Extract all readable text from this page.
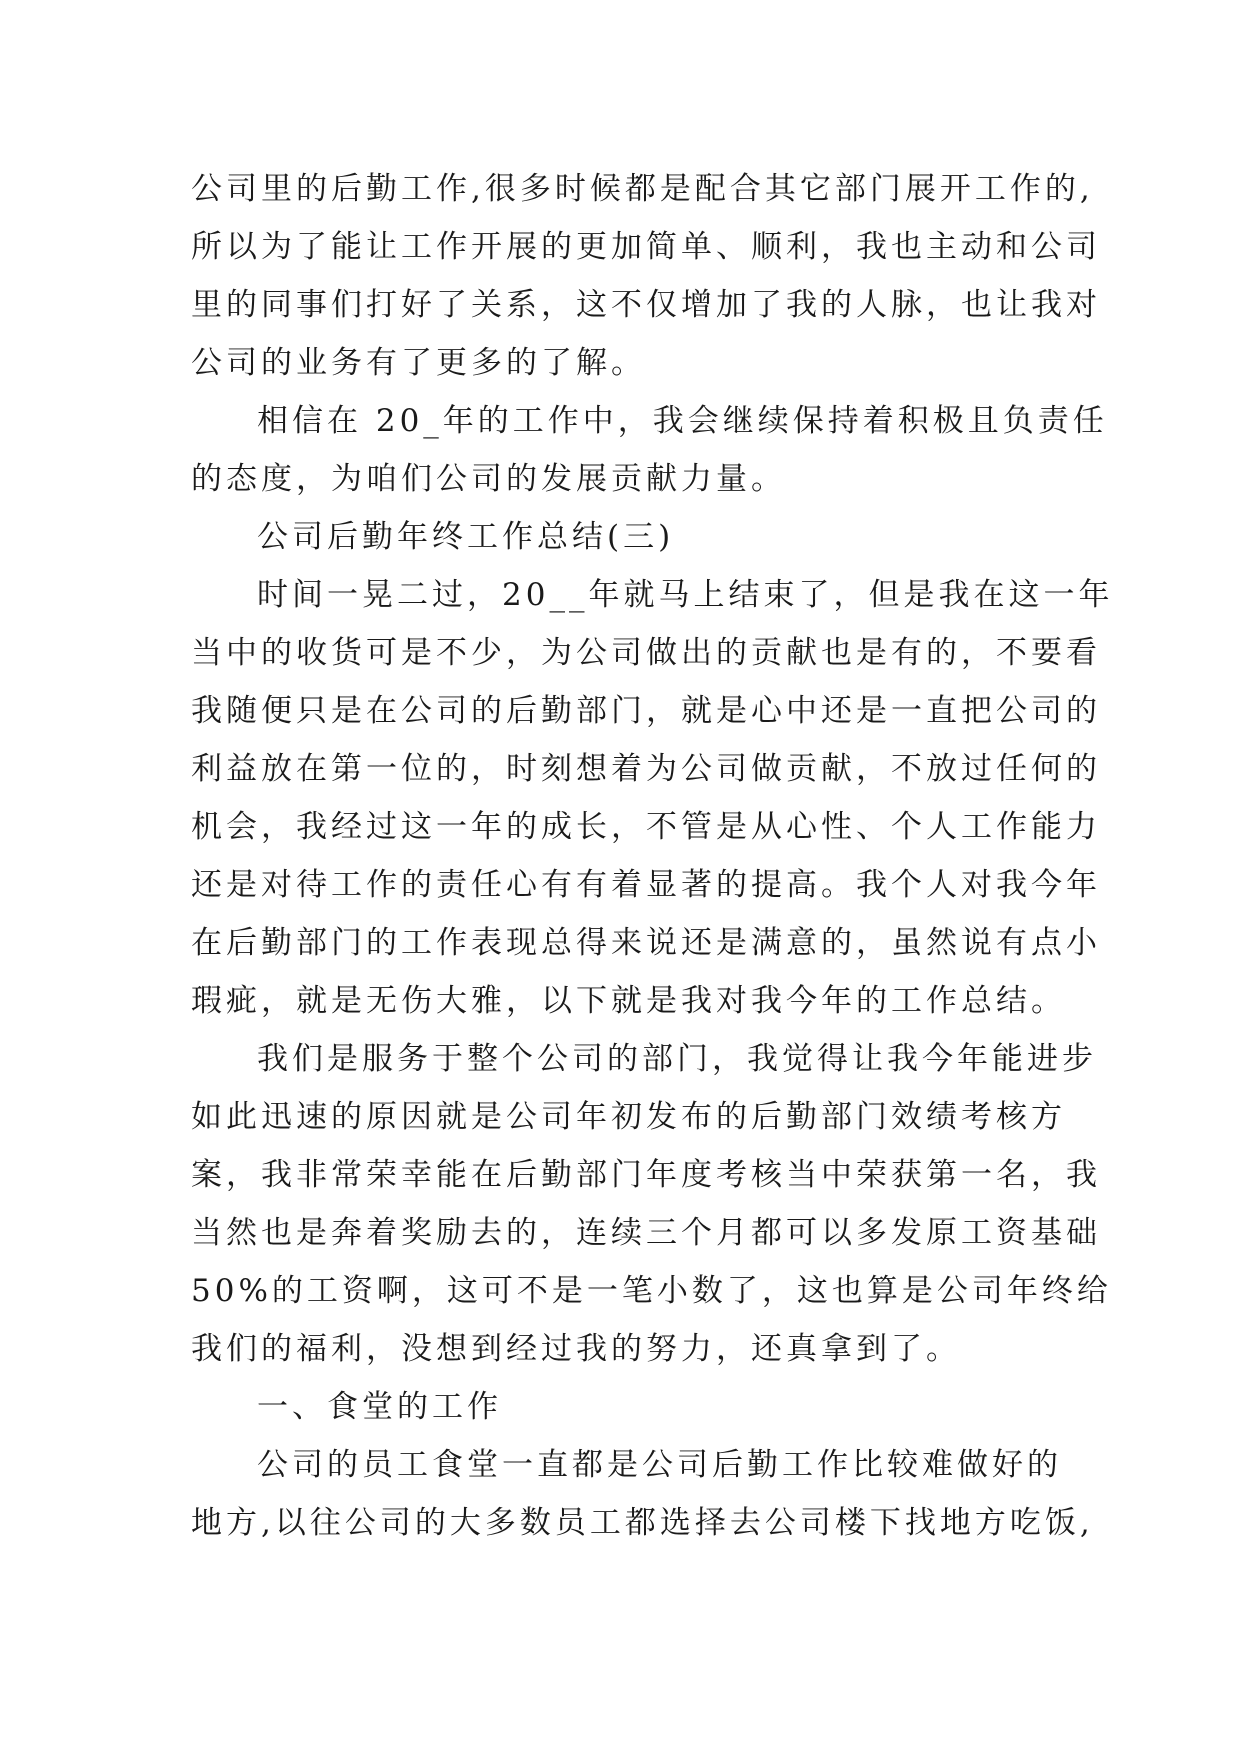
公司里的后勤工作,很多时候都是配合其它部门展开工作的,
所以为了能让工作开展的更加简单、顺利，我也主动和公司
里的同事们打好了关系，这不仅增加了我的人脉，也让我对
公司的业务有了更多的了解。
相信在 20_年的工作中，我会继续保持着积极且负责任
的态度，为咱们公司的发展贡献力量。
公司后勤年终工作总结(三)
时间一晃二过，20__年就马上结束了，但是我在这一年
当中的收货可是不少，为公司做出的贡献也是有的，不要看
我随便只是在公司的后勤部门，就是心中还是一直把公司的
利益放在第一位的，时刻想着为公司做贡献，不放过任何的
机会，我经过这一年的成长，不管是从心性、个人工作能力
还是对待工作的责任心有有着显著的提高。我个人对我今年
在后勤部门的工作表现总得来说还是满意的，虽然说有点小
瑕疵，就是无伤大雅，以下就是我对我今年的工作总结。
我们是服务于整个公司的部门，我觉得让我今年能进步
如此迅速的原因就是公司年初发布的后勤部门效绩考核方
案，我非常荣幸能在后勤部门年度考核当中荣获第一名，我
当然也是奔着奖励去的，连续三个月都可以多发原工资基础
50%的工资啊，这可不是一笔小数了，这也算是公司年终给
我们的福利，没想到经过我的努力，还真拿到了。
一、食堂的工作
公司的员工食堂一直都是公司后勤工作比较难做好的
地方,以往公司的大多数员工都选择去公司楼下找地方吃饭,
